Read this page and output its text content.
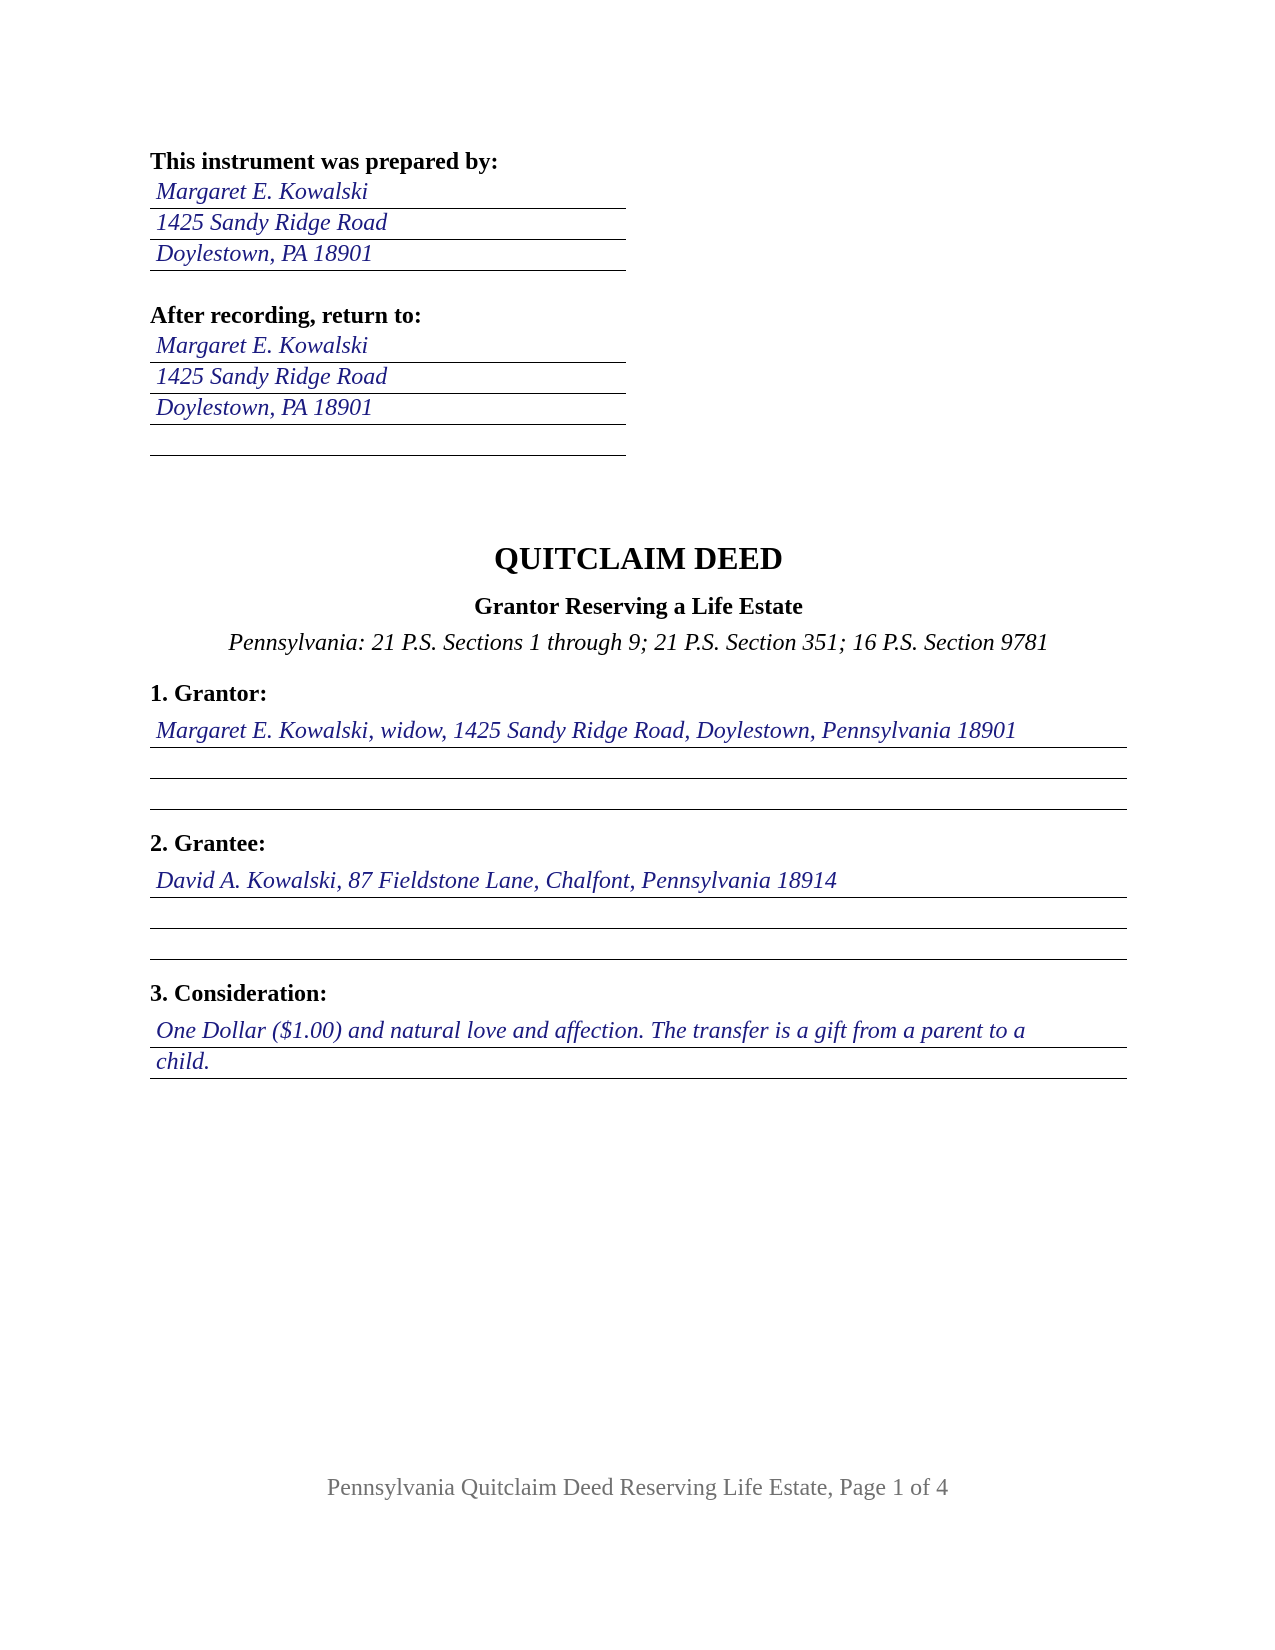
This instrument was prepared by:
Margaret E. Kowalski
1425 Sandy Ridge Road
Doylestown, PA 18901
After recording, return to:
Margaret E. Kowalski
1425 Sandy Ridge Road
Doylestown, PA 18901
QUITCLAIM DEED
Grantor Reserving a Life Estate
Pennsylvania: 21 P.S. Sections 1 through 9; 21 P.S. Section 351; 16 P.S. Section 9781
1. Grantor:
Margaret E. Kowalski, widow, 1425 Sandy Ridge Road, Doylestown, Pennsylvania 18901
2. Grantee:
David A. Kowalski, 87 Fieldstone Lane, Chalfont, Pennsylvania 18914
3. Consideration:
One Dollar ($1.00) and natural love and affection. The transfer is a gift from a parent to a
child.
Pennsylvania Quitclaim Deed Reserving Life Estate, Page 1 of 4
